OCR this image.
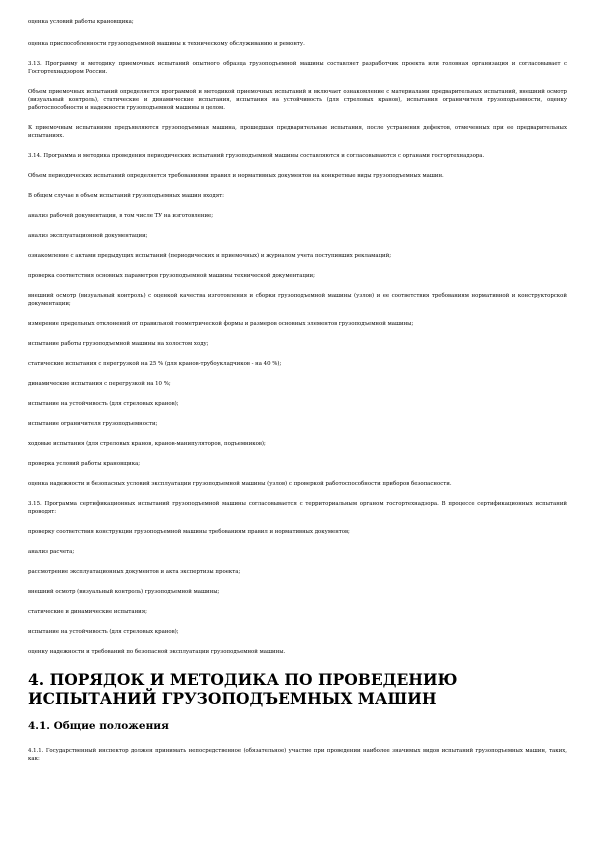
оценка условий работы крановщика;

оценка приспособленности грузоподъемной машины к техническому обслуживанию и ремонту.

3.13. Программу и методику приемочных испытаний опытного образца грузоподъемной машины составляет разработчик проекта или головная организация и согласовывает с Госгортехнадзором России.

Объем приемочных испытаний определяется программой и методикой приемочных испытаний и включает ознакомление с материалами предварительных испытаний, внешний осмотр (визуальный контроль), статические и динамические испытания, испытания на устойчивость (для стреловых кранов), испытания ограничителя грузоподъемности, оценку работоспособности и надежности грузоподъемной машины в целом.

К приемочным испытаниям предъявляются грузоподъемная машина, прошедшая предварительные испытания, после устранения дефектов, отмеченных при ее предварительных испытаниях.

3.14. Программа и методика проведения периодических испытаний грузоподъемной машины составляются и согласовываются с органами госгортехнадзора.

Объем периодических испытаний определяется требованиями правил и нормативных документов на конкретные виды грузоподъемных машин.

В общем случае в объем испытаний грузоподъемных машин входят:

анализ рабочей документации, в том числе ТУ на изготовление;

анализ эксплуатационной документации;

ознакомление с актами предыдущих испытаний (периодических и приемочных) и журналом учета поступивших рекламаций;

проверка соответствия основных параметров грузоподъемной машины технической документации;

внешний осмотр (визуальный контроль) с оценкой качества изготовления и сборки грузоподъемной машины (узлов) и ее соответствия требованиям нормативной и конструкторской документации;

измерение предельных отклонений от правильной геометрической формы и размеров основных элементов грузоподъемной машины;

испытание работы грузоподъемной машины на холостом ходу;

статические испытания с перегрузкой на 25 % (для кранов-трубоукладчиков - на 40 %);

динамические испытания с перегрузкой на 10 %;

испытание на устойчивость (для стреловых кранов);

испытание ограничителя грузоподъемности;

ходовые испытания (для стреловых кранов, кранов-манипуляторов, подъемников);

проверка условий работы крановщика;

оценка надежности и безопасных условий эксплуатации грузоподъемной машины (узлов) с проверкой работоспособности приборов безопасности.

3.15. Программа сертификационных испытаний грузоподъемной машины согласовывается с территориальным органом госгортехнадзора. В процессе сертификационных испытаний проводят:

проверку соответствия конструкции грузоподъемной машины требованиям правил и нормативных документов;

анализ расчета;

рассмотрение эксплуатационных документов и акта экспертизы проекта;

внешний осмотр (визуальный контроль) грузоподъемной машины;

статические и динамические испытания;

испытание на устойчивость (для стреловых кранов);

оценку надежности и требований по безопасной эксплуатации грузоподъемной машины.

4. ПОРЯДОК И МЕТОДИКА ПО ПРОВЕДЕНИЮ ИСПЫТАНИЙ ГРУЗОПОДЪЕМНЫХ МАШИН
4.1. Общие положения

4.1.1. Государственный инспектор должен принимать непосредственное (обязательное) участие при проведении наиболее значимых видов испытаний грузоподъемных машин, таких, как:
